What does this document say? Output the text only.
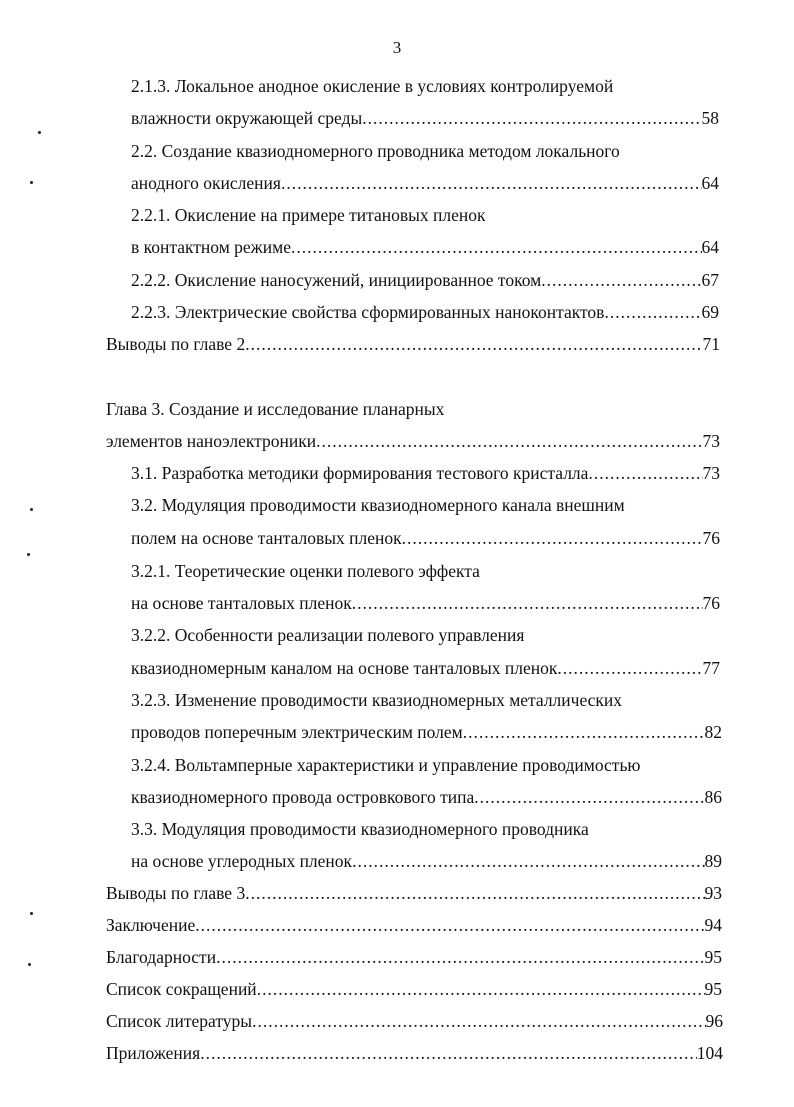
3
2.1.3. Локальное анодное окисление в условиях контролируемой
влажности окружающей среды .....	58
2.2. Создание квазиодномерного проводника методом локального
анодного окисления .....	64
2.2.1. Окисление на примере титановых пленок
в контактном режиме .....	64
2.2.2. Окисление наносужений, инициированное током .....	67
2.2.3. Электрические свойства сформированных наноконтактов .....	69
Выводы по главе 2 .....	71
Глава 3. Создание и исследование планарных
элементов наноэлектроники .....	73
3.1. Разработка методики формирования тестового кристалла .....	73
3.2. Модуляция проводимости квазиодномерного канала внешним
полем на основе танталовых пленок .....	76
3.2.1. Теоретические оценки полевого эффекта
на основе танталовых пленок .....	76
3.2.2. Особенности реализации полевого управления
квазиодномерным каналом на основе танталовых пленок .....	77
3.2.3. Изменение проводимости квазиодномерных металлических
проводов поперечным электрическим полем .....	82
3.2.4. Вольтамперные характеристики и управление проводимостью
квазиодномерного провода островкового типа .....	86
3.3. Модуляция проводимости квазиодномерного проводника
на основе углеродных пленок .....	89
Выводы по главе 3 .....	93
Заключение .....	94
Благодарности .....	95
Список сокращений .....	95
Список литературы .....	96
Приложения .....	104
